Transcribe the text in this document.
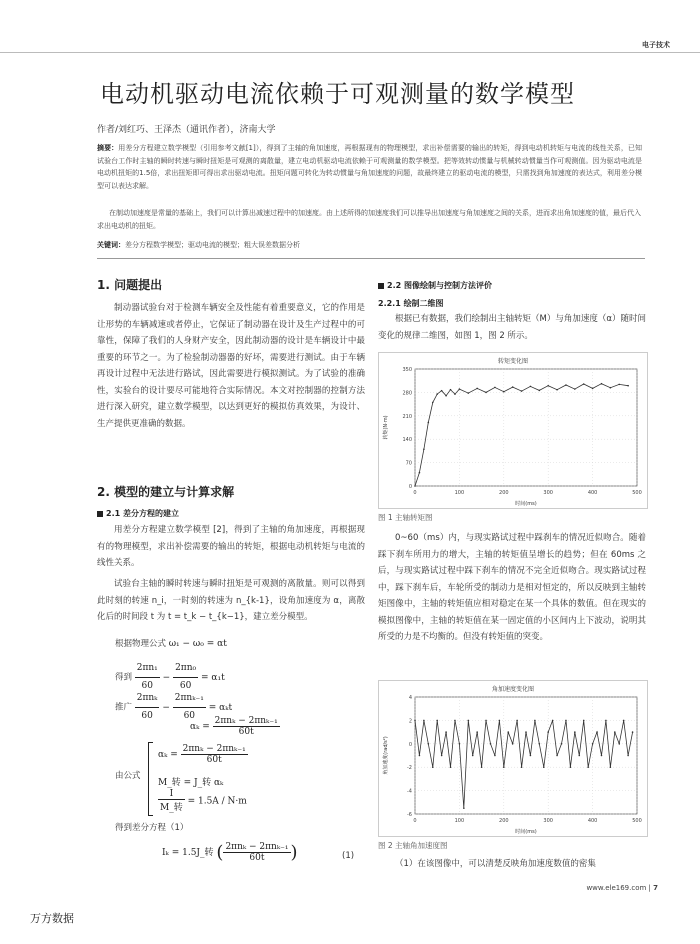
电子技术
电动机驱动电流依赖于可观测量的数学模型
作者/刘红巧、王泽杰（通讯作者），济南大学
摘要：用差分方程建立数学模型（引用参考文献[1]），得到了主轴的角加速度，再根据现有的物理模型，求出补偿需要的输出的转矩，得到电动机转矩与电流的线性关系，已知试验台工作时主轴的瞬时转速与瞬时扭矩是可观测的离散量，建立电动机驱动电流依赖于可观测量的数学模型。把等效转动惯量与机械转动惯量当作可观测值。因为驱动电流是电动机扭矩的1.5倍，求出扭矩即可得出求出驱动电流。扭矩问题可转化为转动惯量与角加速度的问题，故最终建立的驱动电流的模型，只需找到角加速度的表达式，利用差分模型可以表达求解。
在制动加速度是常量的基础上，我们可以计算出减速过程中的加速度。由上述所得的加速度我们可以推导出加速度与角加速度之间的关系，进而求出角加速度的值，最后代入求出电动机的扭矩。
关键词：差分方程数学模型；驱动电流的模型；粗大误差数据分析
1. 问题提出
制动器试验台对于检测车辆安全及性能有着重要意义，它的作用是让形势的车辆减速或者停止，它保证了制动器在设计及生产过程中的可靠性，保障了我们的人身财产安全，因此制动器的设计是车辆设计中最重要的环节之一。为了检验制动器器的好坏，需要进行测试。由于车辆再设计过程中无法进行路试，因此需要进行模拟测试。为了试验的准确性，实验台的设计要尽可能地符合实际情况。本文对控制器的控制方法进行深入研究，建立数学模型，以达到更好的模拟仿真效果，为设计、生产提供更准确的数据。
2. 模型的建立与计算求解
2.1 差分方程的建立
用差分方程建立数学模型 [2]，得到了主轴的角加速度，再根据现有的物理模型，求出补偿需要的输出的转矩，根据电动机转矩与电流的线性关系。
试验台主轴的瞬时转速与瞬时扭矩是可观测的离散量。则可以得到此时刻的转速 n_i，一时刻的转速为 n_{k-1}，设角加速度为 α，离散化后的时间段 t 为 t = t_k − t_{k−1}，建立差分模型。
根据物理公式 ω₁ − ω₀ = αt
得到 $\frac{\text{2πn₁}}{60} - \frac{\text{2πn₀}}{60} = \alpha_1t$
推广 $\frac{\text{2πnₖ}}{60} - \frac{\text{2πnₖ₋₁}}{60} = \alpha_kt$
$\alpha_k = \frac{\text{2πnₖ − 2πnₖ₋₁}}{60t}$
由公式
$\alpha_k = \frac{\text{2πnₖ − 2πnₖ₋₁}}{60t}$
M_转 = J_转 αₖ
$\frac{I}{\text{M\_转}} = 1.5A / N\cdot m$
得到差分方程（1）
Iₖ = 1.5J_转 ( $\frac{\text{2πnₖ − 2πnₖ₋₁}}{60t}$ )	(1)
2.2 图像绘制与控制方法评价
2.2.1 绘制二维图
根据已有数据，我们绘制出主轴转矩（M）与角加速度（α）随时间变化的规律二维图，如图 1，图 2 所示。
转矩变化图
0	100	200	300	400	500
0
70
140
210
280
350
时间(ms)
转矩(N·m)
图 1 主轴转矩图
0~60（ms）内，与现实路试过程中踩刹车的情况近似吻合。随着踩下刹车所用力的增大，主轴的转矩值呈增长的趋势；但在 60ms 之后，与现实路试过程中踩下刹车的情况不完全近似吻合。现实路试过程中，踩下刹车后，车轮所受的制动力是相对恒定的，所以反映到主轴转矩图像中，主轴的转矩值应相对稳定在某一个具体的数值。但在现实的模拟图像中，主轴的转矩值在某一固定值的小区间内上下波动，说明其所受的力是不均衡的。但没有转矩值的突变。
角加速度变化图
0	100	200	300	400	500
-6
-4
-2
0
2
4
时间(ms)
角加速度(rad/s²)
图 2 主轴角加速度图
（1）在该图像中，可以清楚反映角加速度数值的密集
www.ele169.com | 7
万方数据
